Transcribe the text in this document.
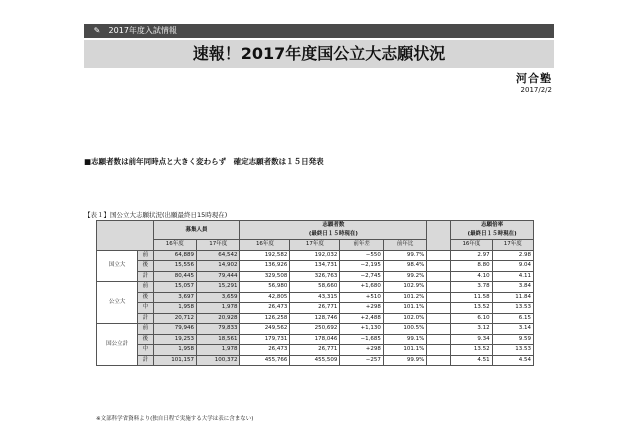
✎ 2017年度入試情報
速報！2017年度国公立大志願状況
河合塾
2017/2/2
■志願者数は前年同時点と大きく変わらず　確定志願者数は１５日発表
【表１】国公立大志願状況(出願最終日15時現在)
		募集人員		志願者数
(最終日１５時現在)					志願倍率
(最終日１５時現在)	
		16年度	17年度	16年度	17年度	前年差	前年比		16年度	17年度
国立大	前	64,889	64,542	192,582	192,032	−550	99.7%		2.97	2.98
	後	15,556	14,902	136,926	134,731	−2,195	98.4%		8.80	9.04
	計	80,445	79,444	329,508	326,763	−2,745	99.2%		4.10	4.11
公立大	前	15,057	15,291	56,980	58,660	+1,680	102.9%		3.78	3.84
	後	3,697	3,659	42,805	43,315	+510	101.2%		11.58	11.84
	中	1,958	1,978	26,473	26,771	+298	101.1%		13.52	13.53
	計	20,712	20,928	126,258	128,746	+2,488	102.0%		6.10	6.15
国公立計	前	79,946	79,833	249,562	250,692	+1,130	100.5%		3.12	3.14
	後	19,253	18,561	179,731	178,046	−1,685	99.1%		9.34	9.59
	中	1,958	1,978	26,473	26,771	+298	101.1%		13.52	13.53
	計	101,157	100,372	455,766	455,509	−257	99.9%		4.51	4.54
※文部科学省資料より(独自日程で実施する大学は表に含まない)
